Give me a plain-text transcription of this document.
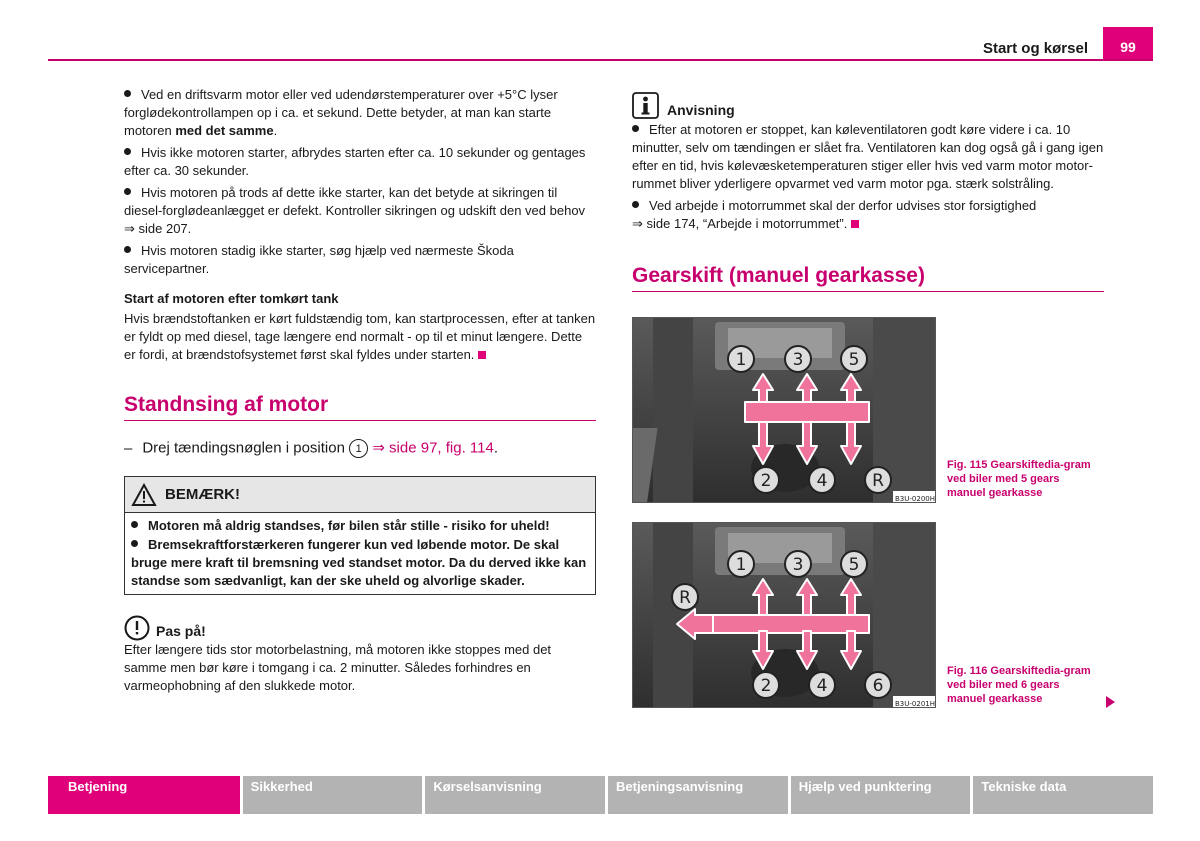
Start og kørsel	99
Ved en driftsvarm motor eller ved udendørstemperaturer over +5°C lyser forglødekontrollampen op i ca. et sekund. Dette betyder, at man kan starte motoren med det samme.
Hvis ikke motoren starter, afbrydes starten efter ca. 10 sekunder og gentages efter ca. 30 sekunder.
Hvis motoren på trods af dette ikke starter, kan det betyde at sikringen til diesel-forglødeanlægget er defekt. Kontroller sikringen og udskift den ved behov
⇒ side 207.
Hvis motoren stadig ikke starter, søg hjælp ved nærmeste Škoda servicepartner.
Start af motoren efter tomkørt tank
Hvis brændstoftanken er kørt fuldstændig tom, kan startprocessen, efter at tanken er fyldt op med diesel, tage længere end normalt - op til et minut længere. Dette er fordi, at brændstofsystemet først skal fyldes under starten.
Standnsing af motor
– Drej tændingsnøglen i position 1 ⇒ side 97, fig. 114.
BEMÆRK!
Motoren må aldrig standses, før bilen står stille - risiko for uheld!
Bremsekraftforstærkeren fungerer kun ved løbende motor. De skal bruge mere kraft til bremsning ved standset motor. Da du derved ikke kan standse som sædvanligt, kan der ske uheld og alvorlige skader.
Pas på!
Efter længere tids stor motorbelastning, må motoren ikke stoppes med det samme men bør køre i tomgang i ca. 2 minutter. Således forhindres en varmeophobning af den slukkede motor.
Anvisning
Efter at motoren er stoppet, kan køleventilatoren godt køre videre i ca. 10 minutter, selv om tændingen er slået fra. Ventilatoren kan dog også gå i gang igen efter en tid, hvis kølevæsketemperaturen stiger eller hvis ved varm motor motor-rummet bliver yderligere opvarmet ved varm motor pga. stærk solstråling.
Ved arbejde i motorrummet skal der derfor udvises stor forsigtighed
⇒ side 174, “Arbejde i motorrummet”.
Gearskift (manuel gearkasse)
1	3	5
2	4	R
B3U-0200H
Fig. 115 Gearskiftedia-gram ved biler med 5 gears manuel gearkasse
1	3	5
R
2	4	6
B3U-0201H
Fig. 116 Gearskiftedia-gram ved biler med 6 gears manuel gearkasse
Betjening	Sikkerhed	Kørselsanvisning	Betjeningsanvisning	Hjælp ved punktering	Tekniske data
